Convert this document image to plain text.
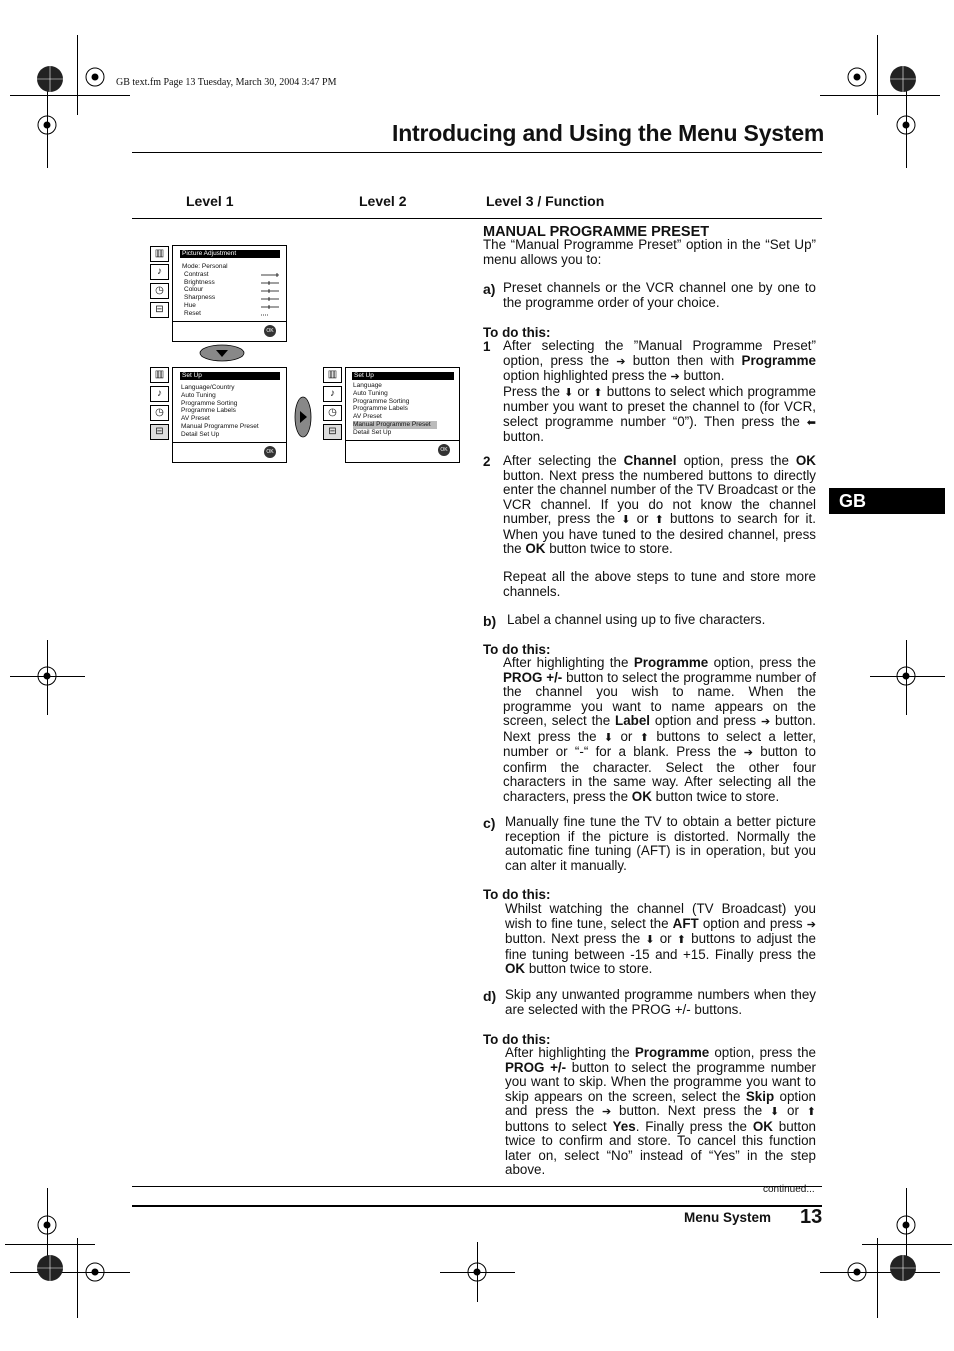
GB text.fm Page 13 Tuesday, March 30, 2004 3:47 PM
Introducing and Using the Menu System
Level 1	Level 2	Level 3 / Function
GB
▥
♪
◷
⊟
Picture Adjustment
Mode: Personal
Contrast
Brightness
Colour
Sharpness
Hue
Reset
OK
▥
♪
◷
⊟
Set Up
Language/Country
Auto Tuning
Programme Sorting
Programme Labels
AV Preset
Manual Programme Preset
Detail Set Up
OK
▥
♪
◷
⊟
Set Up
Language
Auto Tuning
Programme Sorting
Programme Labels
AV Preset
Manual Programme Preset
Detail Set Up
OK
MANUAL PROGRAMME PRESET

The “Manual Programme Preset” option in the “Set Up” menu allows you to:

a) Preset channels or the VCR channel one by one to the programme order of your choice.
To do this:
1 After selecting the ”Manual Programme Preset” option, press the ➔ button then with Programme option highlighted press the ➔ button.
Press the ⬇ or ⬆ buttons to select which programme number you want to preset the channel to (for VCR, select programme number “0”). Then press the ⬅ button.
2 After selecting the Channel option, press the OK button. Next press the numbered buttons to directly enter the channel number of the TV Broadcast or the VCR channel. If you do not know the channel number, press the ⬇ or ⬆ buttons to search for it. When you have tuned to the desired channel, press the OK button twice to store.
Repeat all the above steps to tune and store more channels.
b) Label a channel using up to five characters.
To do this:
After highlighting the Programme option, press the PROG +/- button to select the programme number of the channel you wish to name. When the programme you want to name appears on the screen, select the Label option and press ➔ button. Next press the ⬇ or ⬆ buttons to select a letter, number or “-“ for a blank. Press the ➔ button to confirm the character. Select the other four characters in the same way. After selecting all the characters, press the OK button twice to store.
c) Manually fine tune the TV to obtain a better picture reception if the picture is distorted. Normally the automatic fine tuning (AFT) is in operation, but you can alter it manually.
To do this:
Whilst watching the channel (TV Broadcast) you wish to fine tune, select the AFT option and press ➔ button. Next press the ⬇ or ⬆ buttons to adjust the fine tuning between -15 and +15. Finally press the OK button twice to store.
d) Skip any unwanted programme numbers when they are selected with the PROG +/- buttons.
To do this:
After highlighting the Programme option, press the PROG +/- button to select the programme number you want to skip. When the programme you want to skip appears on the screen, select the Skip option and press the ➔ button. Next press the ⬇ or ⬆ buttons to select Yes. Finally press the OK button twice to confirm and store. To cancel this function later on, select “No” instead of “Yes” in the step above.
continued...
Menu System 13
